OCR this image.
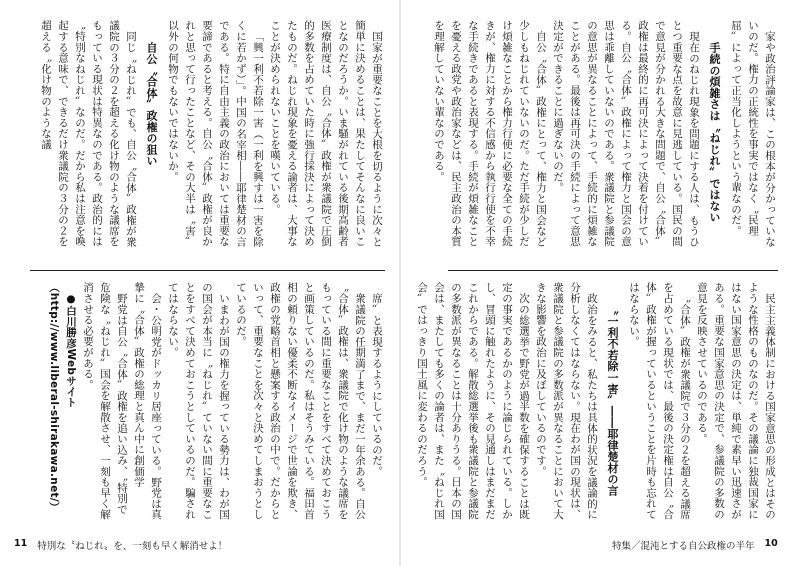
家や政治評論家は、この根本が分かっていないのだ。権力の正統性を事実ではなく〝民理屈〟によって正当化しようという輩なのだ。

手続の煩雑さは〝ねじれ〟ではない

現在のねじれ現象を問題にする人は、もうひとつ重要な点を故意に見逃している。国民の間で意見が分かれる大きな問題で、自公〝合体〟政権は最終的に再可決によって決着を付けている。自公〝合体〟政権によって権力と国会の意思は乖離していないのである。衆議院と参議院の意思が異なることによって、手続的に煩雑なことがある。最後は再可決の手続によって意思決定ができることに過ぎないのだ。

自公〝合体〟政権にとって、権力と国会など少しもねじれていないのだ。ただ手続が少しだけ煩雑なことから権力行使に必要な全ての手続きが、権力に対する不信感から執行行使を不幸な手続きであると表現する。手続が煩雑なことを憂える政党や政治家などは、民主政治の本質を理解していない輩なのである。

民主主義体制における国家意思の形成とはそのような性格のものなのだ。その議論に独裁国家にはない国家意思の決定は、単純で素早い迅速さがある。重要な国家意思の決定で、参議院の多数の意見を反映させているのである。

〝合体〟政権が衆議院で３分の２を超える議席を占めている現状では、最後の決定権は自公〝合体〟政権が握っているということを片時も忘れてはならない。

〝一利不若除一害〟――耶律楚材の言

政治をみると、私たちは具体的状況を議論的に分析しなくてはならない。現在わが国の現状は、衆議院と参議院の多数派が異なることにおいて大きな影響を政治に及ぼしているのです。

次の総選挙で野党が過半数を確保することは既定の事実であるかのように論じられている。しかし、冒頭に触れたように、その見通しはまだまだこれからである。解散総選挙後も衆議院と参議院の多数派が異なることは十分ありうる。日本の国会は、またしても多くの論者は、また〝ねじれ国会〟ではっきり国土風に変わるのだろう。

特集／混沌とする自公政権の半年 10

国家が重要なことを大根を切るように次々と簡単に決めることは、果たしてそんなに良いことなのだろうか。いま騒がれている後期高齢者医療制度は、自公〝合体〟政権が衆議院で圧倒的多数を占めていた時に強行採決によって決めたものだ。ねじれ現象を憂える論者は、大事なことが決められないことを嘆いている。

「興一利不若除一害（一利を興すは一害を除くに若かず）」。中国の名宰相――耶律楚材の言である。特に自由主義の政治においては重要な要諦であると考える。自公〝合体〟政権が良かれと思って行ったことなど、その大半は〝害〟以外の何物でもないではないか。

自公〝合体〟政権の狙い

同じ〝ねじれ〟でも、自公〝合体〟政権が衆議院の３分の２を超える化け物のような議席をもっている現状は特異なのである。政治的には〝特別なねじれ〟なのだ。だから私は注意を喚起する意味で、できるだけ衆議院の３分の２を超える〝化け物のような議

席〟と表現するようにしているのだ。

衆議院の任期満了まで、まだ一年余ある。自公〝合体〟政権は、衆議院で化け物のような議席をもっている間に重要なことをすべて決めておこうと画策しているのだ。私はそうみている。福田首相の頼りない優柔不断なイメージで世論を欺き、政権の党略首相と懸案する政治の中で。だからといって、重要なことを次々と決めてしまおうとしているのだ。

いまわが国の権力を握っている勢力は、わが国の国会が本当に〝ねじれ〟ていない間に重要なことをすべて決めておこうとしているのだ。騙されてはならない。

会・公明党がドッカリ居座っている。野党は真摯に〝合体〟政権の総理と真ん中に創価学

野党は自公〝合体〟政権を追い込み、〝特別で危険な〝ねじれ〟国会を解散させ、一刻も早く解消させる必要がある。

●白川勝彦Webサイト（http://www.liberal-shirakawa.net/）

11 特別な〝ねじれ〟を、一刻も早く解消せよ！
